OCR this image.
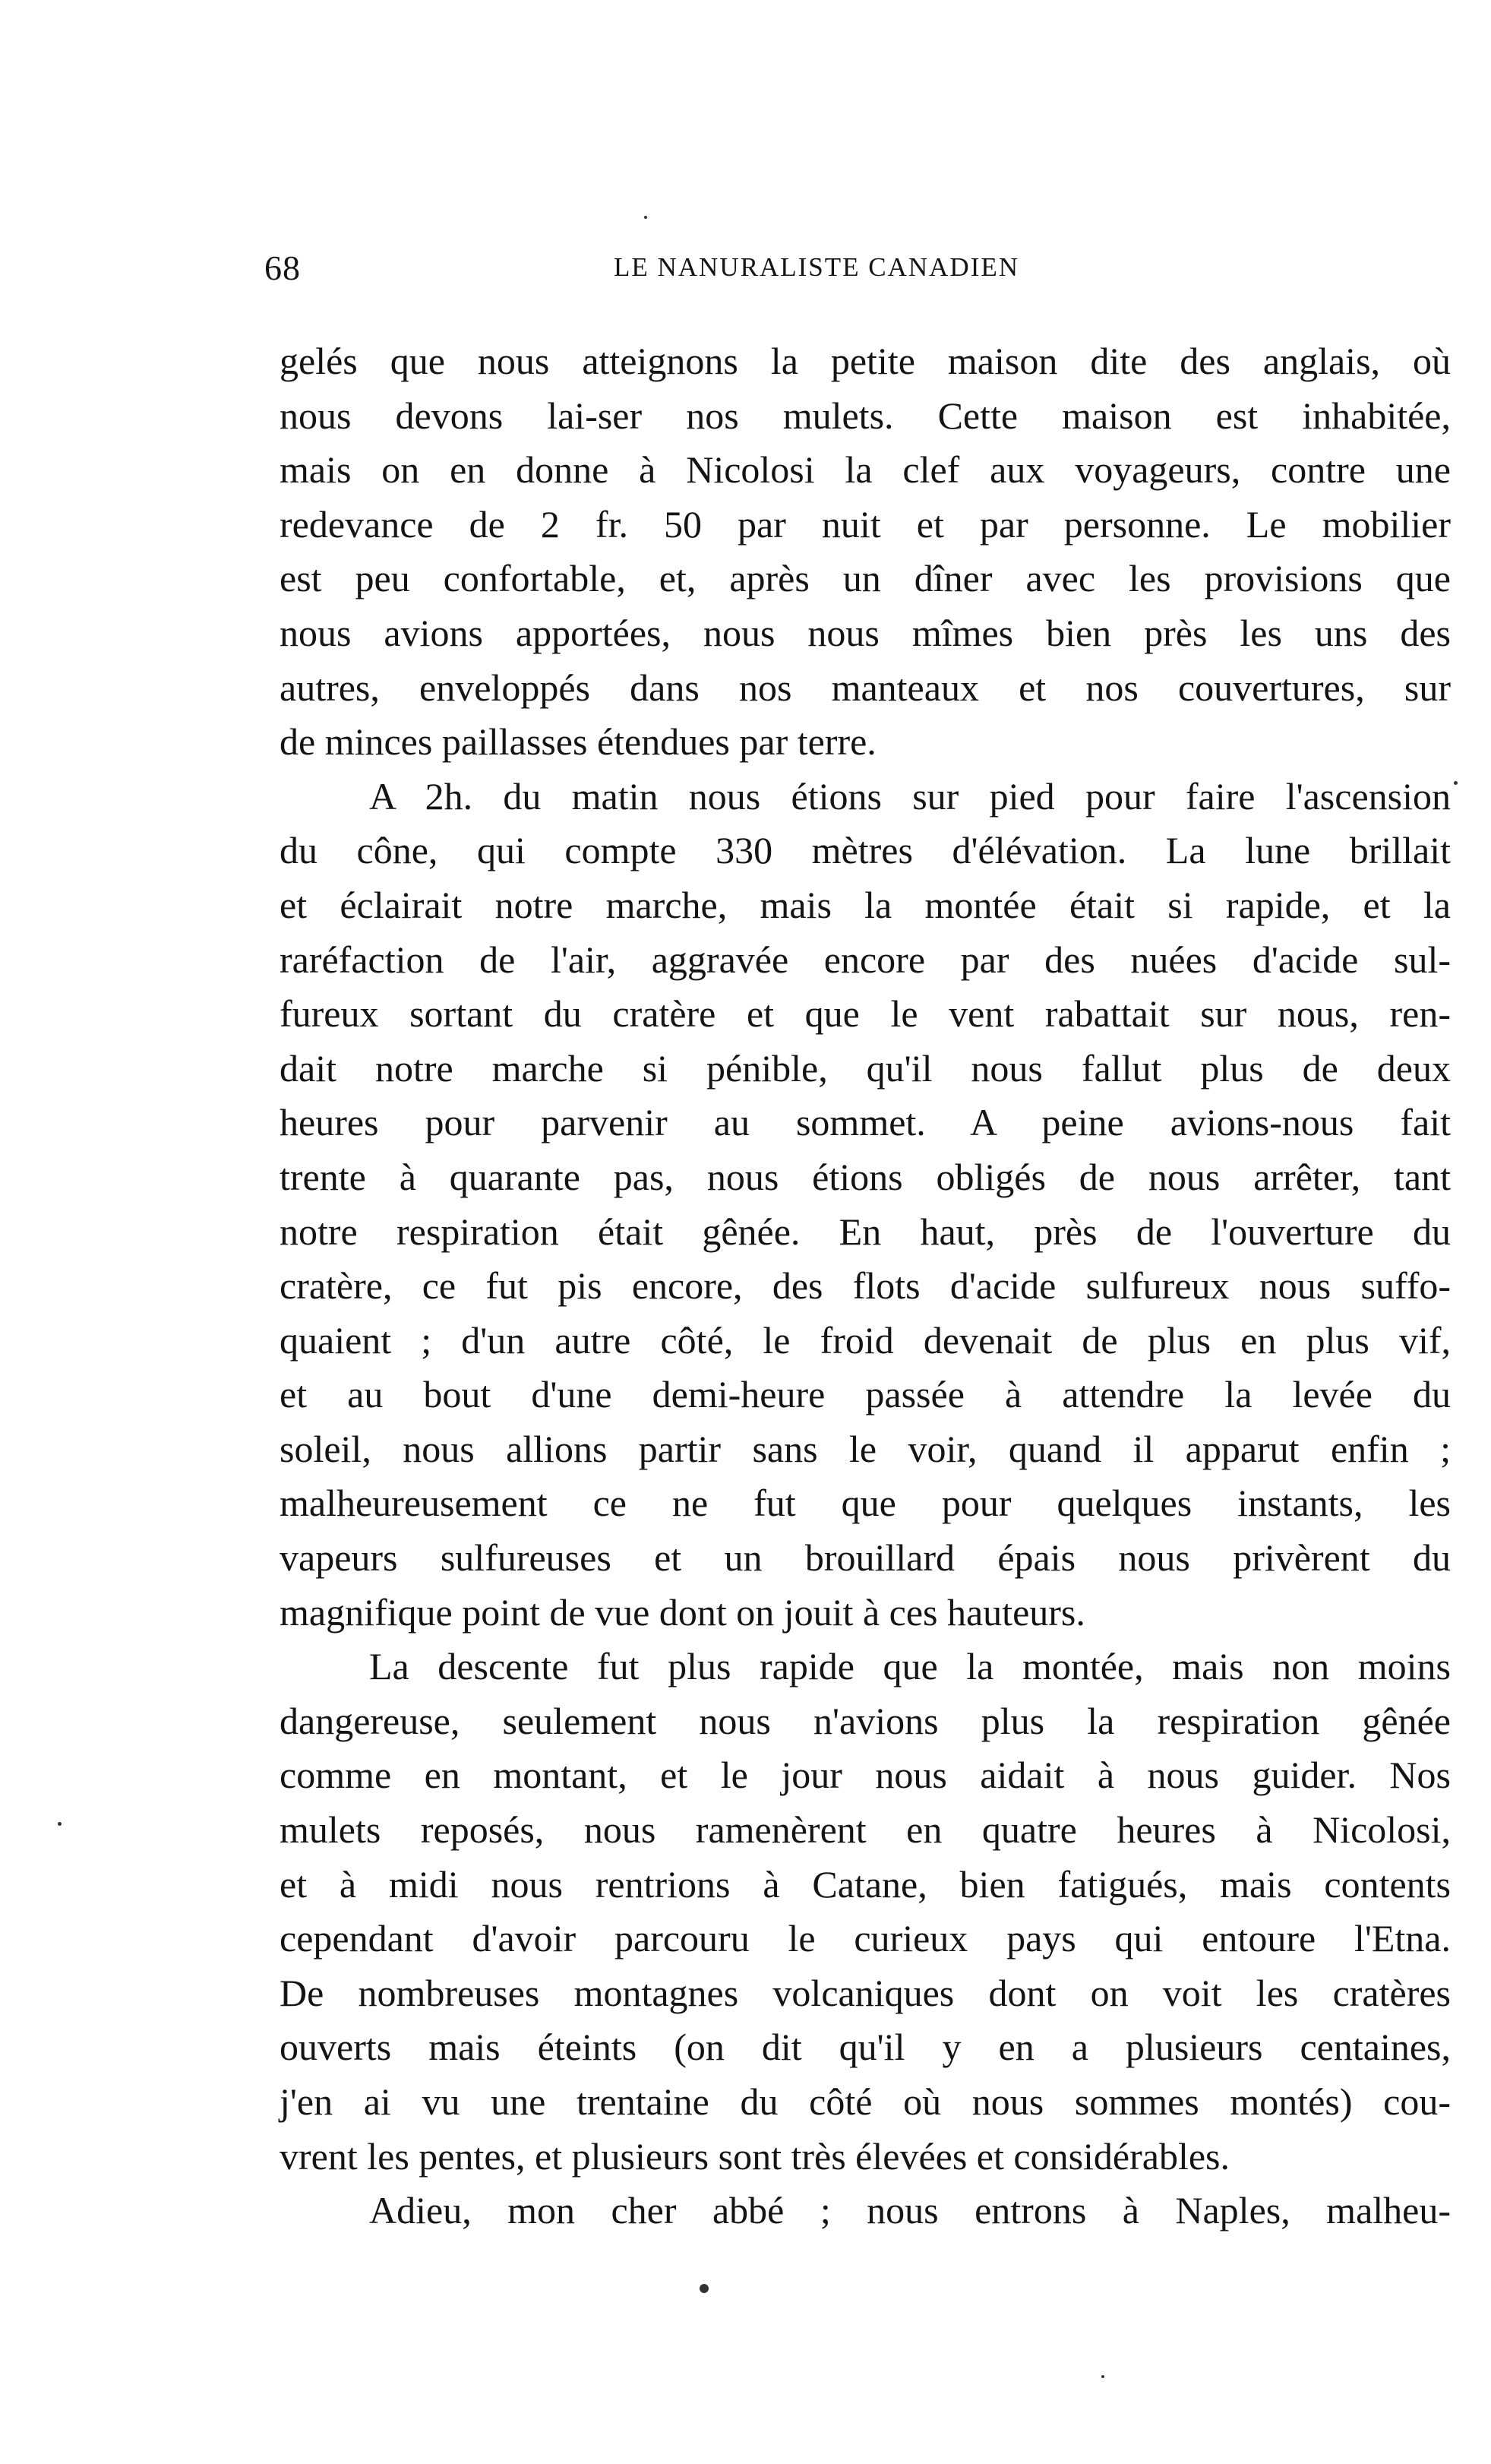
68	LE NANURALISTE CANADIEN
gelés que nous atteignons la petite maison dite des anglais, où
nous devons lai-ser nos mulets. Cette maison est inhabitée,
mais on en donne à Nicolosi la clef aux voyageurs, contre une
redevance de 2 fr. 50 par nuit et par personne. Le mobilier
est peu confortable, et, après un dîner avec les provisions que
nous avions apportées, nous nous mîmes bien près les uns des
autres, enveloppés dans nos manteaux et nos couvertures, sur
de minces paillasses étendues par terre.
A 2h. du matin nous étions sur pied pour faire l'ascension
du cône, qui compte 330 mètres d'élévation. La lune brillait
et éclairait notre marche, mais la montée était si rapide, et la
raréfaction de l'air, aggravée encore par des nuées d'acide sul-
fureux sortant du cratère et que le vent rabattait sur nous, ren-
dait notre marche si pénible, qu'il nous fallut plus de deux
heures pour parvenir au sommet. A peine avions-nous fait
trente à quarante pas, nous étions obligés de nous arrêter, tant
notre respiration était gênée. En haut, près de l'ouverture du
cratère, ce fut pis encore, des flots d'acide sulfureux nous suffo-
quaient ; d'un autre côté, le froid devenait de plus en plus vif,
et au bout d'une demi-heure passée à attendre la levée du
soleil, nous allions partir sans le voir, quand il apparut enfin ;
malheureusement ce ne fut que pour quelques instants, les
vapeurs sulfureuses et un brouillard épais nous privèrent du
magnifique point de vue dont on jouit à ces hauteurs.
La descente fut plus rapide que la montée, mais non moins
dangereuse, seulement nous n'avions plus la respiration gênée
comme en montant, et le jour nous aidait à nous guider. Nos
mulets reposés, nous ramenèrent en quatre heures à Nicolosi,
et à midi nous rentrions à Catane, bien fatigués, mais contents
cependant d'avoir parcouru le curieux pays qui entoure l'Etna.
De nombreuses montagnes volcaniques dont on voit les cratères
ouverts mais éteints (on dit qu'il y en a plusieurs centaines,
j'en ai vu une trentaine du côté où nous sommes montés) cou-
vrent les pentes, et plusieurs sont très élevées et considérables.
Adieu, mon cher abbé ; nous entrons à Naples, malheu-
